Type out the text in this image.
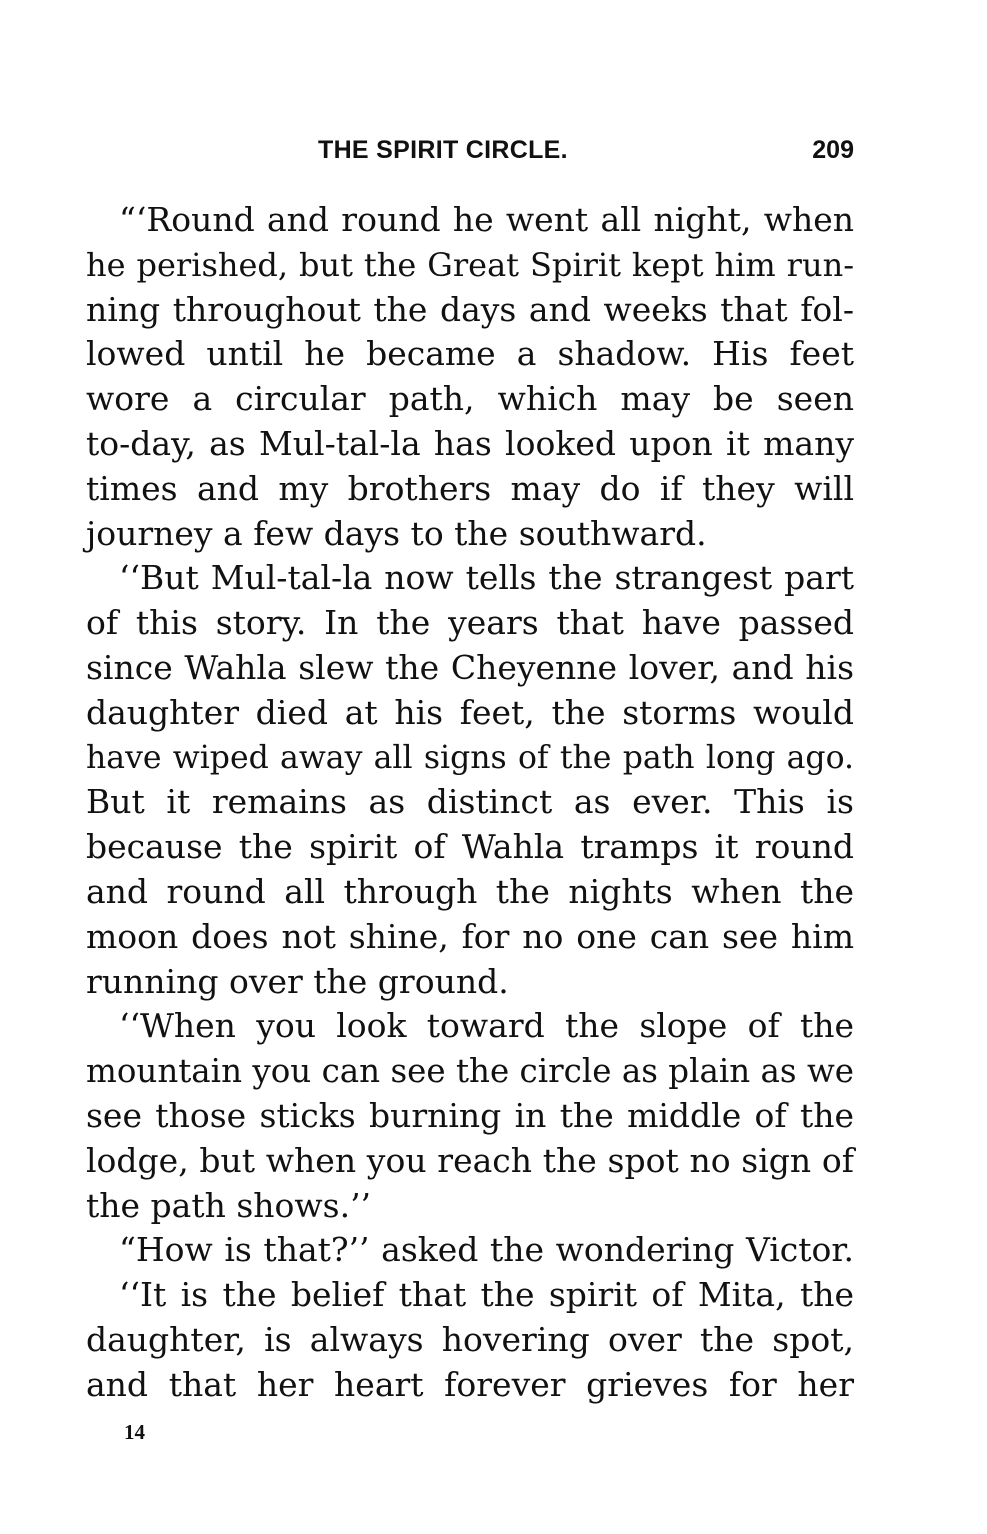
THE SPIRIT CIRCLE.	209
“‘Round and round he went all night, when
he perished, but the Great Spirit kept him run-
ning throughout the days and weeks that fol-
lowed until he became a shadow. His feet
wore a circular path, which may be seen
to-day, as Mul-tal-la has looked upon it many
times and my brothers may do if they will
journey a few days to the southward.
‘‘But Mul-tal-la now tells the strangest part
of this story. In the years that have passed
since Wahla slew the Cheyenne lover, and his
daughter died at his feet, the storms would
have wiped away all signs of the path long ago.
But it remains as distinct as ever. This is
because the spirit of Wahla tramps it round
and round all through the nights when the
moon does not shine, for no one can see him
running over the ground.
‘‘When you look toward the slope of the
mountain you can see the circle as plain as we
see those sticks burning in the middle of the
lodge, but when you reach the spot no sign of
the path shows.’’
“How is that?’’ asked the wondering Victor.
‘‘It is the belief that the spirit of Mita, the
daughter, is always hovering over the spot,
and that her heart forever grieves for her
14
